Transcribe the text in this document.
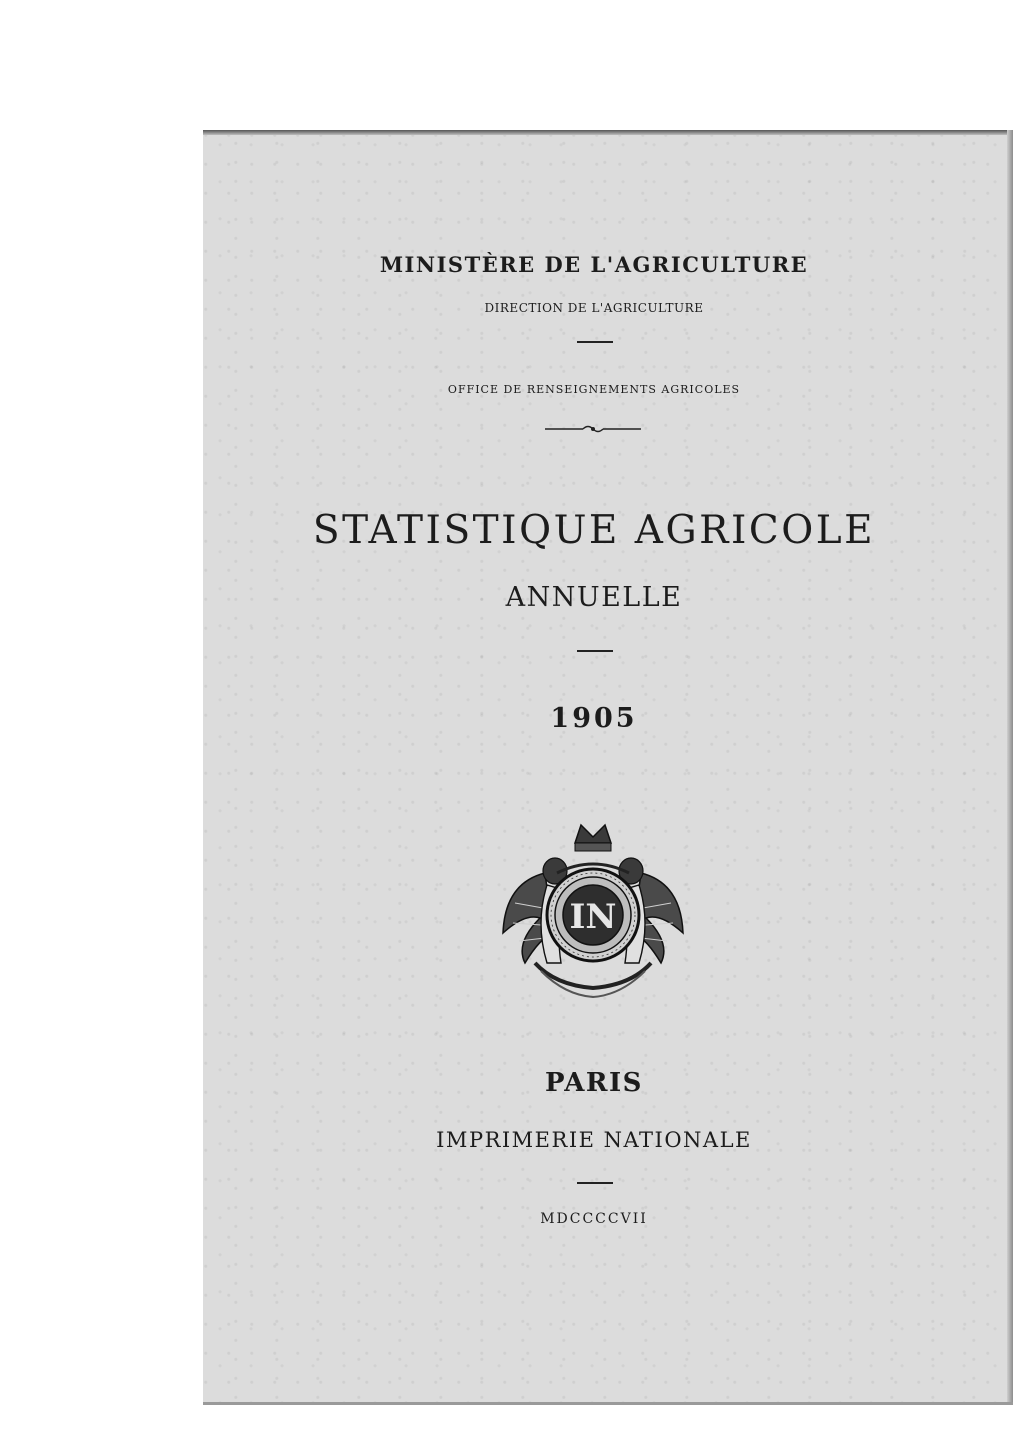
MINISTÈRE DE L'AGRICULTURE
DIRECTION DE L'AGRICULTURE
OFFICE DE RENSEIGNEMENTS AGRICOLES
STATISTIQUE AGRICOLE
ANNUELLE
1905
IN
PARIS
IMPRIMERIE NATIONALE
MDCCCCVII
